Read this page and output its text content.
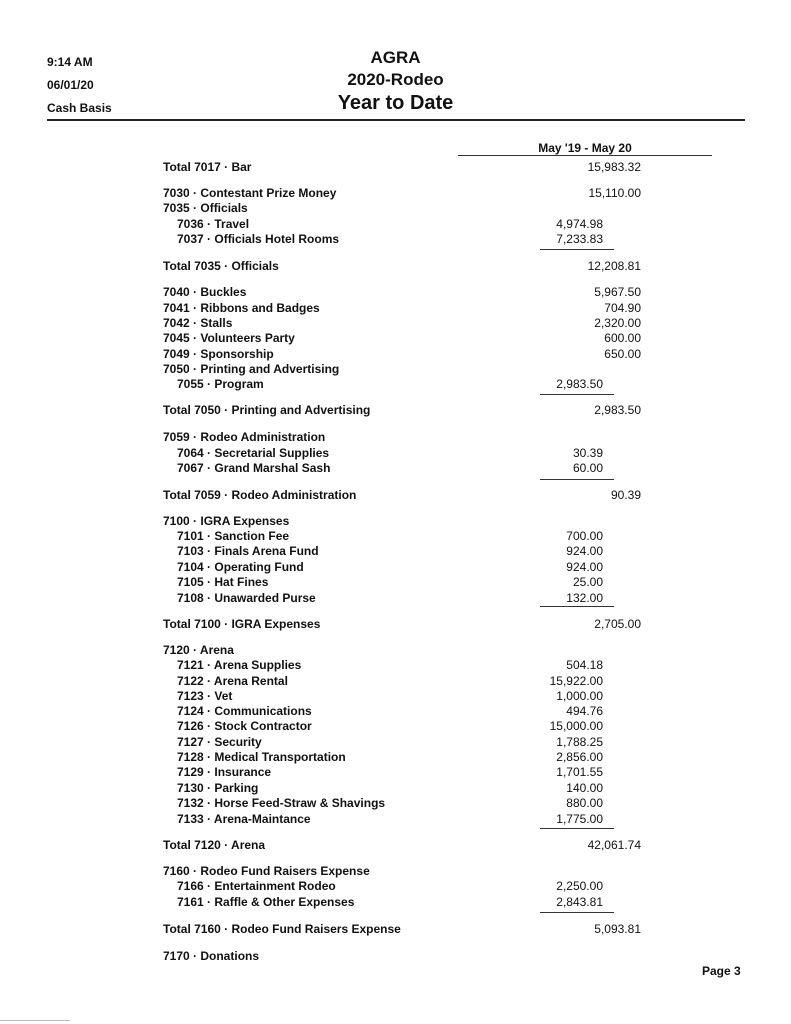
9:14 AM
06/01/20
Cash Basis
AGRA
2020-Rodeo
Year to Date
May '19 - May 20
Total 7017 · Bar	15,983.32
7030 · Contestant Prize Money	15,110.00
7035 · Officials
7036 · Travel	4,974.98
7037 · Officials Hotel Rooms	7,233.83
Total 7035 · Officials	12,208.81
7040 · Buckles	5,967.50
7041 · Ribbons and Badges	704.90
7042 · Stalls	2,320.00
7045 · Volunteers Party	600.00
7049 · Sponsorship	650.00
7050 · Printing and Advertising
7055 · Program	2,983.50
Total 7050 · Printing and Advertising	2,983.50
7059 · Rodeo Administration
7064 · Secretarial Supplies	30.39
7067 · Grand Marshal Sash	60.00
Total 7059 · Rodeo Administration	90.39
7100 · IGRA Expenses
7101 · Sanction Fee	700.00
7103 · Finals Arena Fund	924.00
7104 · Operating Fund	924.00
7105 · Hat Fines	25.00
7108 · Unawarded Purse	132.00
Total 7100 · IGRA Expenses	2,705.00
7120 · Arena
7121 · Arena Supplies	504.18
7122 · Arena Rental	15,922.00
7123 · Vet	1,000.00
7124 · Communications	494.76
7126 · Stock Contractor	15,000.00
7127 · Security	1,788.25
7128 · Medical Transportation	2,856.00
7129 · Insurance	1,701.55
7130 · Parking	140.00
7132 · Horse Feed-Straw & Shavings	880.00
7133 · Arena-Maintance	1,775.00
Total 7120 · Arena	42,061.74
7160 · Rodeo Fund Raisers Expense
7166 · Entertainment Rodeo	2,250.00
7161 · Raffle & Other Expenses	2,843.81
Total 7160 · Rodeo Fund Raisers Expense	5,093.81
7170 · Donations
Page 3
